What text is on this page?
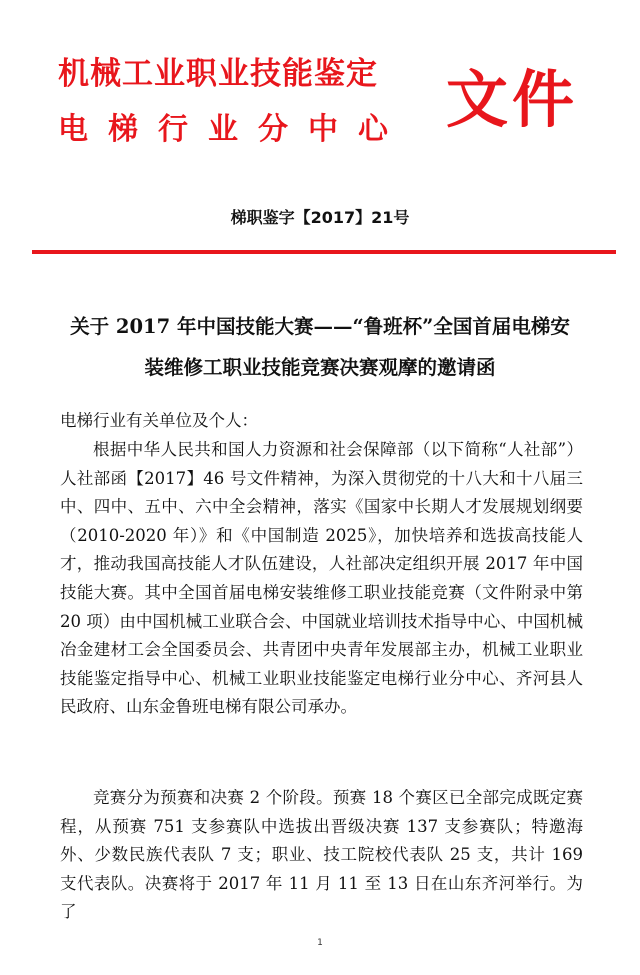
机械工业职业技能鉴定
电梯行业分中心 文件
梯职鉴字【2017】21号
关于 2017 年中国技能大赛——“鲁班杯”全国首届电梯安
装维修工职业技能竞赛决赛观摩的邀请函
电梯行业有关单位及个人：
根据中华人民共和国人力资源和社会保障部（以下简称“人社部”）人社部函【2017】46 号文件精神，为深入贯彻党的十八大和十八届三中、四中、五中、六中全会精神，落实《国家中长期人才发展规划纲要（2010-2020 年）》和《中国制造 2025》，加快培养和选拔高技能人才，推动我国高技能人才队伍建设，人社部决定组织开展 2017 年中国技能大赛。其中全国首届电梯安装维修工职业技能竞赛（文件附录中第 20 项）由中国机械工业联合会、中国就业培训技术指导中心、中国机械冶金建材工会全国委员会、共青团中央青年发展部主办，机械工业职业技能鉴定指导中心、机械工业职业技能鉴定电梯行业分中心、齐河县人民政府、山东金鲁班电梯有限公司承办。
竞赛分为预赛和决赛 2 个阶段。预赛 18 个赛区已全部完成既定赛程，从预赛 751 支参赛队中选拔出晋级决赛 137 支参赛队；特邀海外、少数民族代表队 7 支；职业、技工院校代表队 25 支，共计 169 支代表队。决赛将于 2017 年 11 月 11 至 13 日在山东齐河举行。为了
1
